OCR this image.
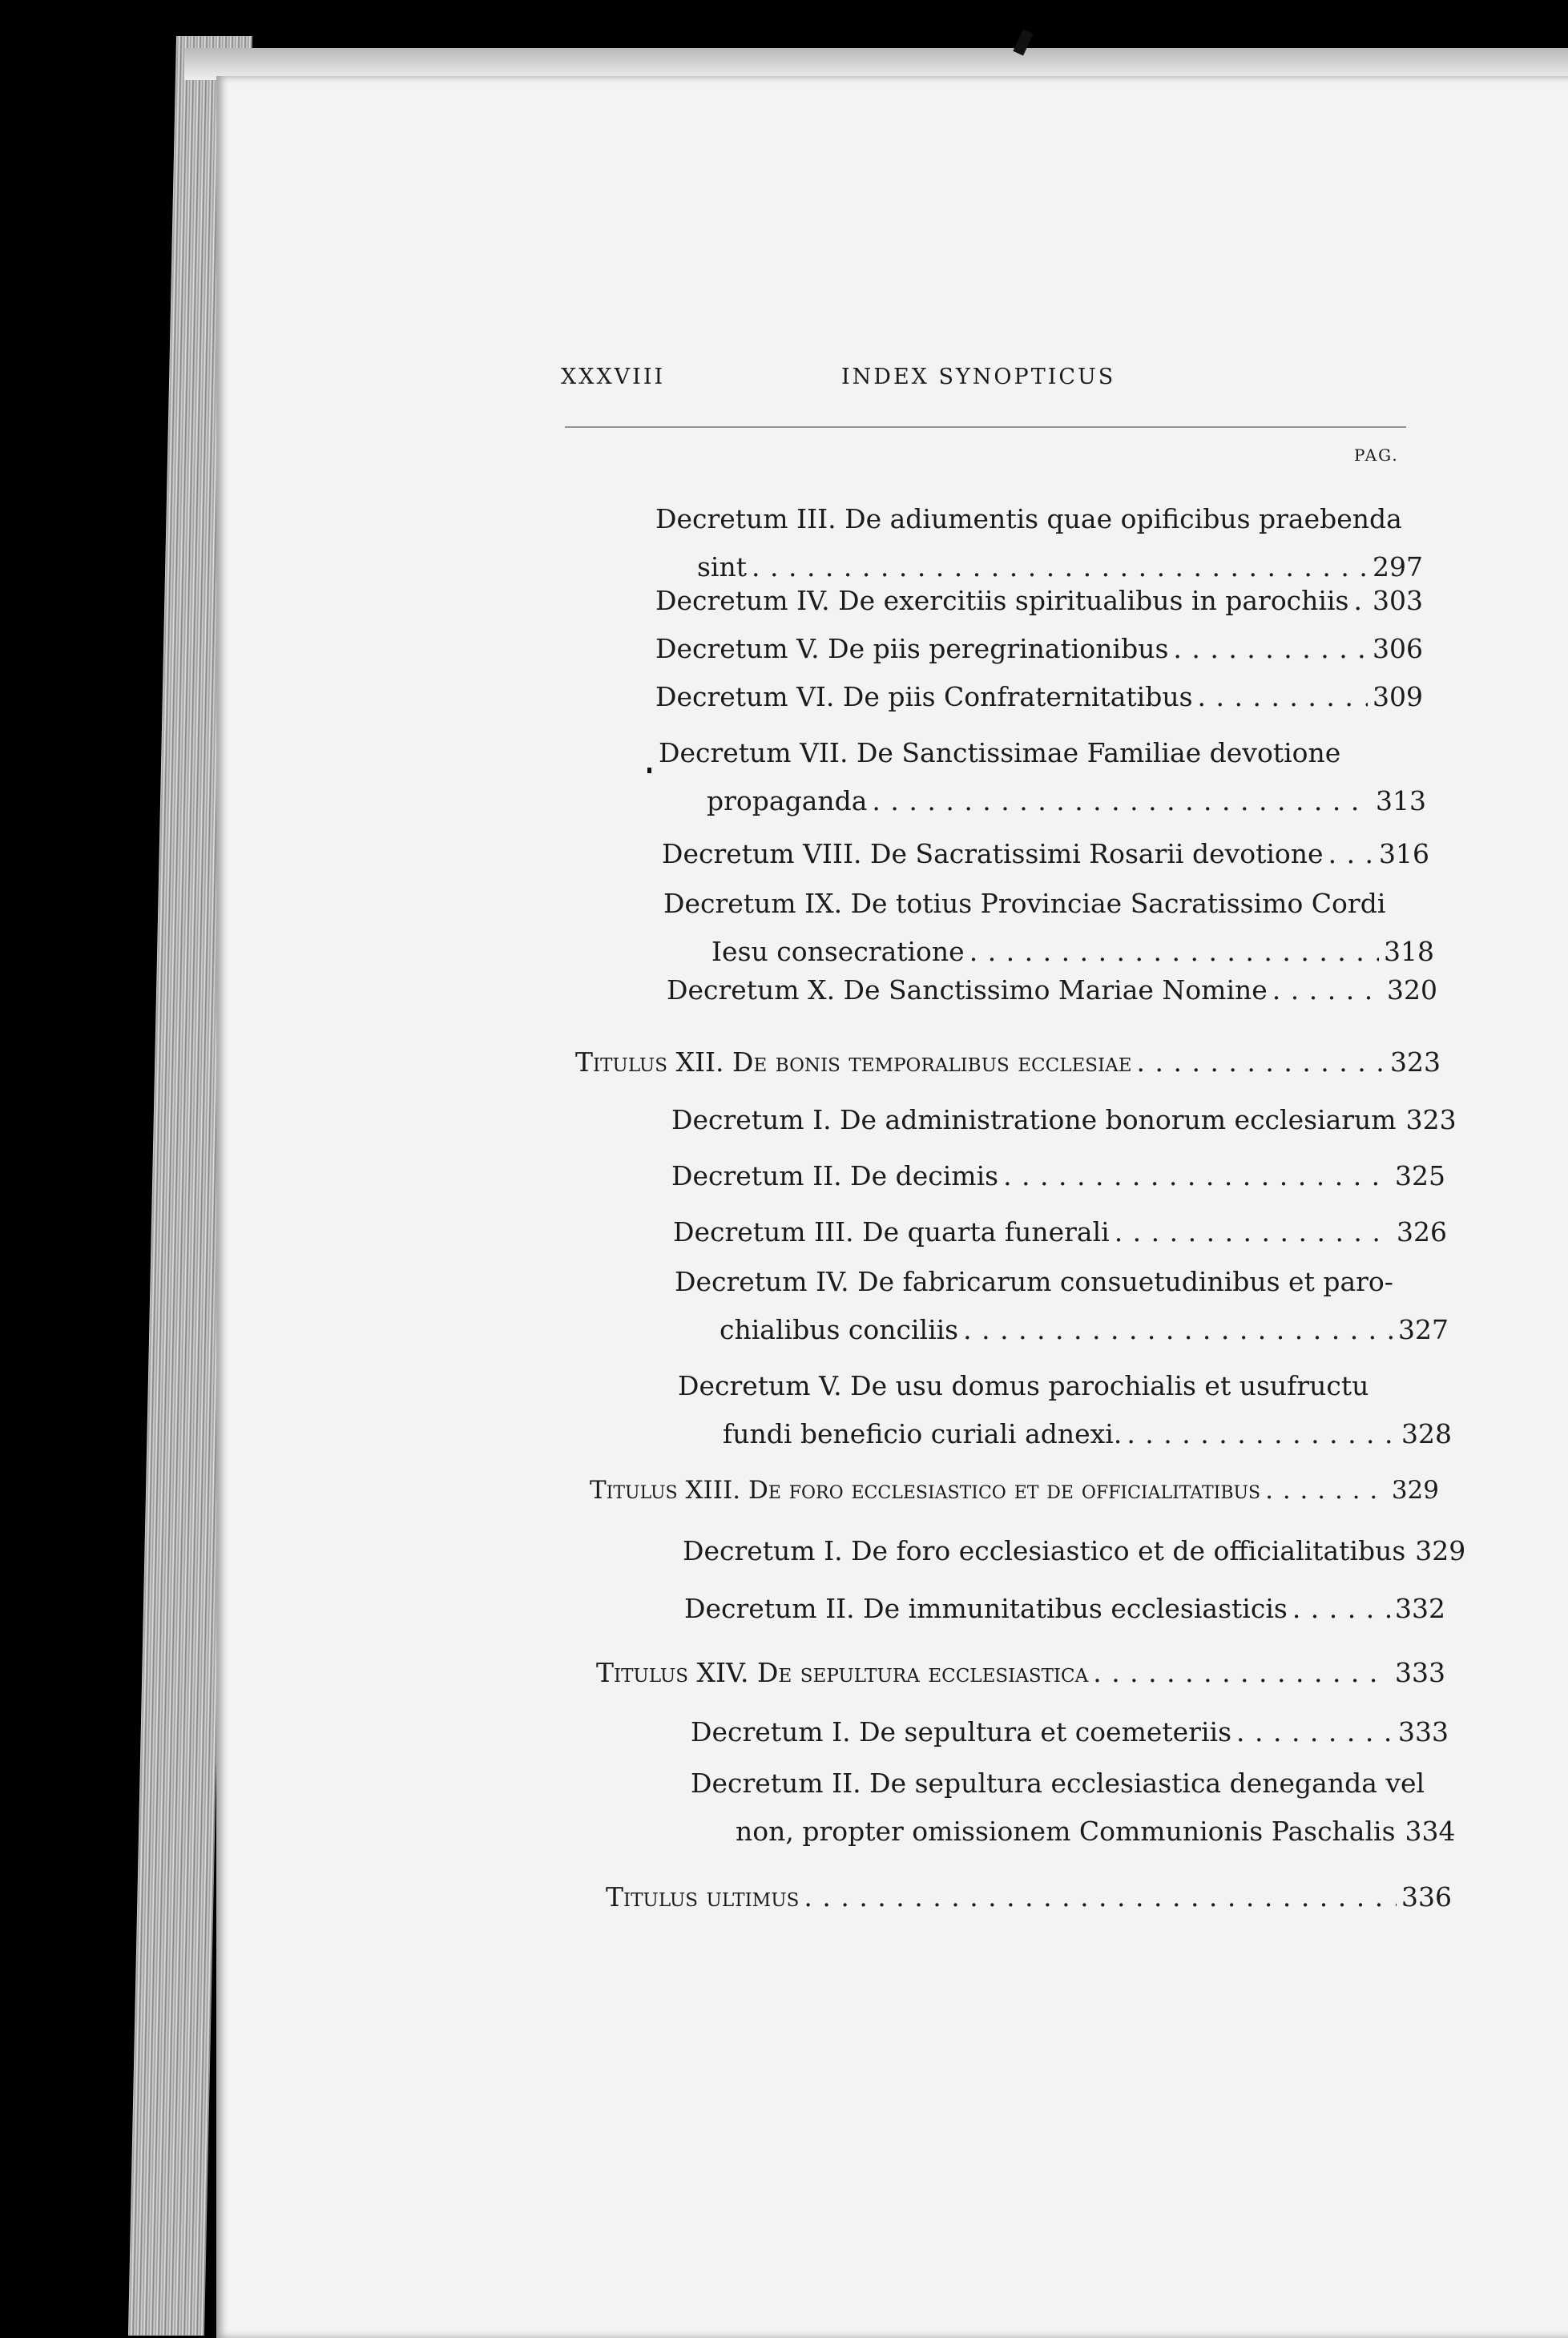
XXXVIII	INDEX SYNOPTICUS
PAG.
Decretum III. De adiumentis quae opificibus praebenda
sint . . .	297
Decretum IV. De exercitiis spiritualibus in parochiis . . . 303
Decretum V. De piis peregrinationibus . . .	306
Decretum VI. De piis Confraternitatibus . . .	309
Decretum VII. De Sanctissimae Familiae devotione
propaganda . . .	313
Decretum VIII. De Sacratissimi Rosarii devotione . . . 316
Decretum IX. De totius Provinciae Sacratissimo Cordi
Iesu consecratione . . .	318
Decretum X. De Sanctissimo Mariae Nomine . . .	320
Titulus XII. De bonis temporalibus ecclesiae . . .	323
Decretum I. De administratione bonorum ecclesiarum 323
Decretum II. De decimis . . .	325
Decretum III. De quarta funerali . . .	326
Decretum IV. De fabricarum consuetudinibus et paro-
chialibus conciliis . . .	327
Decretum V. De usu domus parochialis et usufructu
fundi beneficio curiali adnexi. . . .	328
Titulus XIII. De foro ecclesiastico et de officialitatibus . . .	329
Decretum I. De foro ecclesiastico et de officialitatibus 329
Decretum II. De immunitatibus ecclesiasticis . . .	332
Titulus XIV. De sepultura ecclesiastica . . .	333
Decretum I. De sepultura et coemeteriis . . .	333
Decretum II. De sepultura ecclesiastica deneganda vel
non, propter omissionem Communionis Paschalis 334
Titulus ultimus . . .	336
